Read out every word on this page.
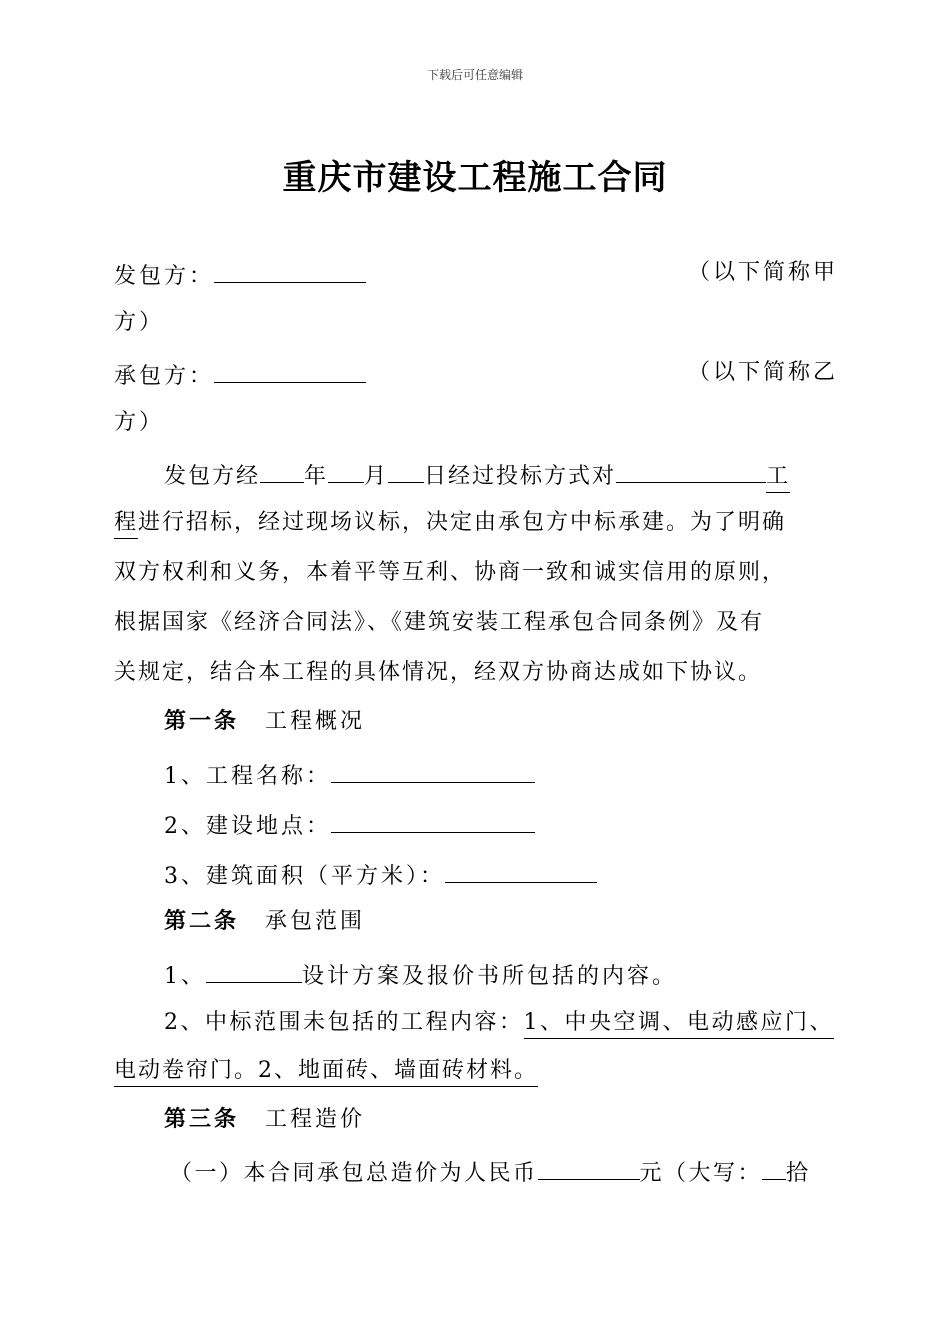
下载后可任意编辑
重庆市建设工程施工合同
发包方：	（以下简称甲
方）
承包方：	（以下简称乙
方）
发包方经 年 月 日经过投标方式对	工
程进行招标，经过现场议标，决定由承包方中标承建。为了明确
双方权利和义务，本着平等互利、协商一致和诚实信用的原则，
根据国家《经济合同法》、《建筑安装工程承包合同条例》及有
关规定，结合本工程的具体情况，经双方协商达成如下协议。
第一条 工程概况
1、工程名称：
2、建设地点：
3、建筑面积（平方米）：
第二条 承包范围
1、	设计方案及报价书所包括的内容。
2、中标范围未包括的工程内容：1、中央空调、电动感应门、
电动卷帘门。2、地面砖、墙面砖材料。
第三条 工程造价
（一）本合同承包总造价为人民币	元（大写： 拾
